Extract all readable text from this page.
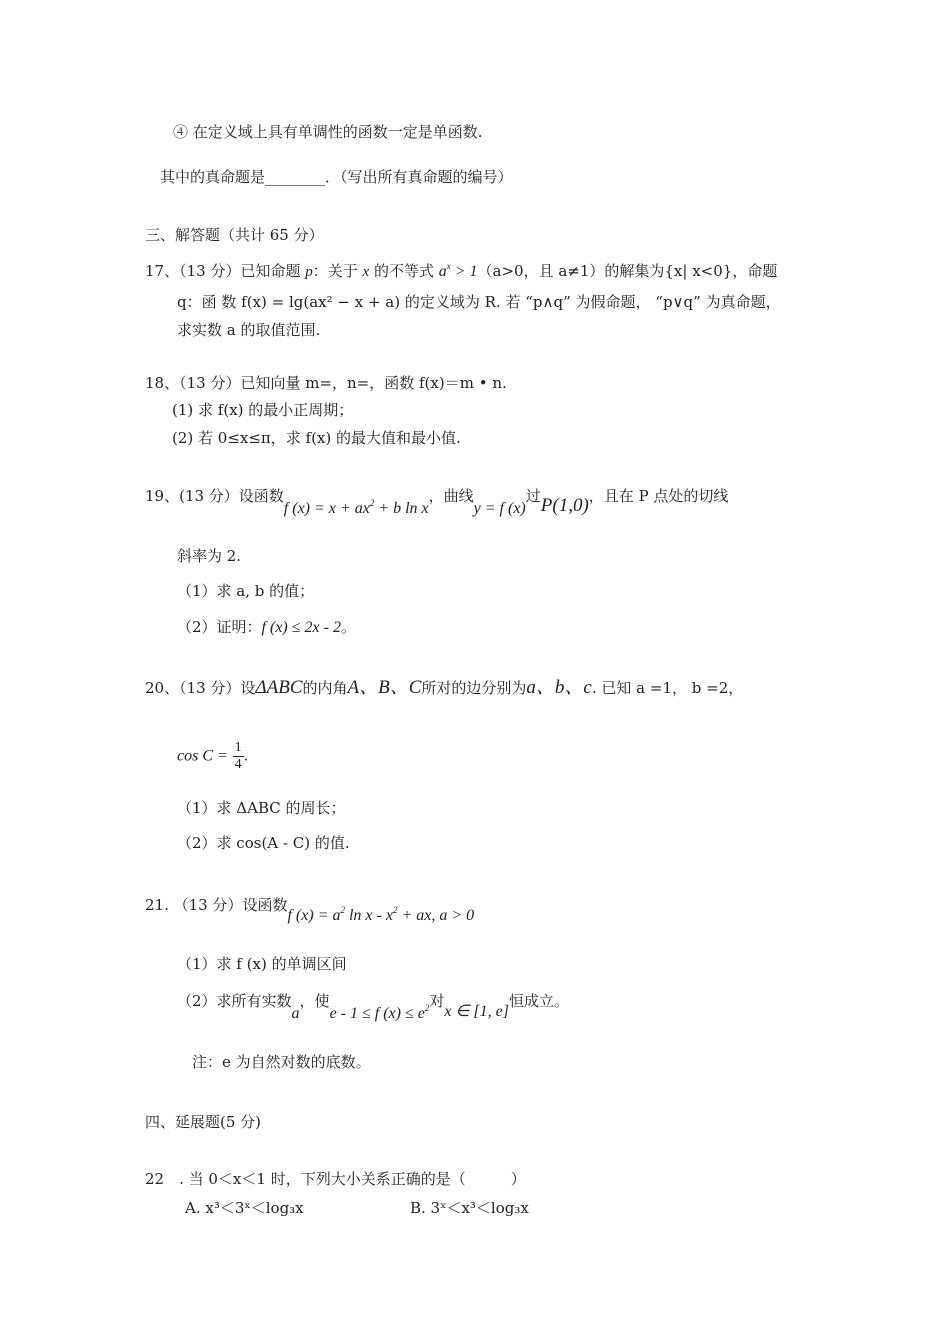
④ 在定义域上具有单调性的函数一定是单函数.
其中的真命题是________．（写出所有真命题的编号）
三、解答题（共计 65 分）
17、（13 分）已知命题 p：关于 x 的不等式 $a^x > 1(a>0$，且 a≠1）的解集为{x| x<0}，命题
q：函 数 f(x) = lg(ax² − x + a) 的定义域为 R. 若 “p∧q” 为假命题， “p∨q” 为真命题，
求实数 a 的取值范围.
18、（13 分）已知向量 m=，n=，函数 f(x)＝m • n.
(1) 求 f(x) 的最小正周期；
(2) 若 0≤x≤π，求 f(x) 的最大值和最小值.
19、(13 分）设函数f $(x) = x + ax^2 + b$ ln x，曲线y = f (x)过P(1,0)，且在 P 点处的切线
斜率为 2.
（1）求 a, b 的值；
（2）证明：f (x) ≤ 2x - 2。
20、（13 分）设ΔABC的内角A、B、C所对的边分别为a、b、c. 已知 a =1， b =2，
$\cos C = \frac{1}{4}$ .
（1）求 ΔABC 的周长；
（2）求 cos(A - C) 的值.
21. （13 分）设函数f $(x) = a^2$ ln x - $x^2$ + ax, a > 0
（1）求 f (x) 的单调区间
（2）求所有实数a，使e - 1 ≤ f $(x) \le e^2$对x ∈ [1, e]恒成立。
注：e 为自然对数的底数。
四、延展题(5 分)
22　. 当 0＜x＜1 时，下列大小关系正确的是（　　　）
A. x³＜3ˣ＜log₃x	B. 3ˣ＜x³＜log₃x
